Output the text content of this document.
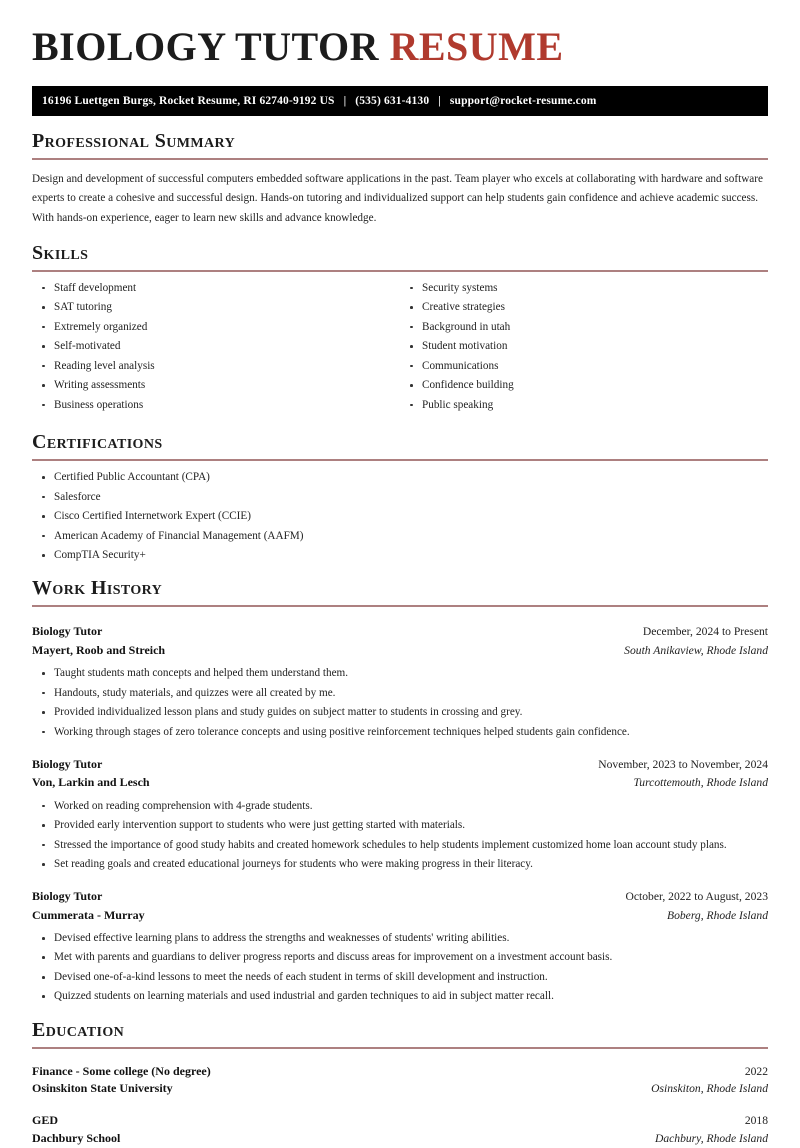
BIOLOGY TUTOR RESUME
16196 Luettgen Burgs, Rocket Resume, RI 62740-9192 US | (535) 631-4130 | support@rocket-resume.com
Professional Summary

Design and development of successful computers embedded software applications in the past. Team player who excels at collaborating with hardware and software experts to create a cohesive and successful design. Hands-on tutoring and individualized support can help students gain confidence and achieve academic success. With hands-on experience, eager to learn new skills and advance knowledge.

Skills
Staff development
SAT tutoring
Extremely organized
Self-motivated
Reading level analysis
Writing assessments
Business operations
Security systems
Creative strategies
Background in utah
Student motivation
Communications
Confidence building
Public speaking
Certifications
Certified Public Accountant (CPA)
Salesforce
Cisco Certified Internetwork Expert (CCIE)
American Academy of Financial Management (AAFM)
CompTIA Security+
Work History
Biology Tutor	December, 2024 to Present
Mayert, Roob and Streich	South Anikaview, Rhode Island
Taught students math concepts and helped them understand them.
Handouts, study materials, and quizzes were all created by me.
Provided individualized lesson plans and study guides on subject matter to students in crossing and grey.
Working through stages of zero tolerance concepts and using positive reinforcement techniques helped students gain confidence.
Biology Tutor	November, 2023 to November, 2024
Von, Larkin and Lesch	Turcottemouth, Rhode Island
Worked on reading comprehension with 4-grade students.
Provided early intervention support to students who were just getting started with materials.
Stressed the importance of good study habits and created homework schedules to help students implement customized home loan account study plans.
Set reading goals and created educational journeys for students who were making progress in their literacy.
Biology Tutor	October, 2022 to August, 2023
Cummerata - Murray	Boberg, Rhode Island
Devised effective learning plans to address the strengths and weaknesses of students' writing abilities.
Met with parents and guardians to deliver progress reports and discuss areas for improvement on a investment account basis.
Devised one-of-a-kind lessons to meet the needs of each student in terms of skill development and instruction.
Quizzed students on learning materials and used industrial and garden techniques to aid in subject matter recall.
Education
Finance - Some college (No degree)	2022
Osinskiton State University	Osinskiton, Rhode Island
GED	2018
Dachbury School	Dachbury, Rhode Island
